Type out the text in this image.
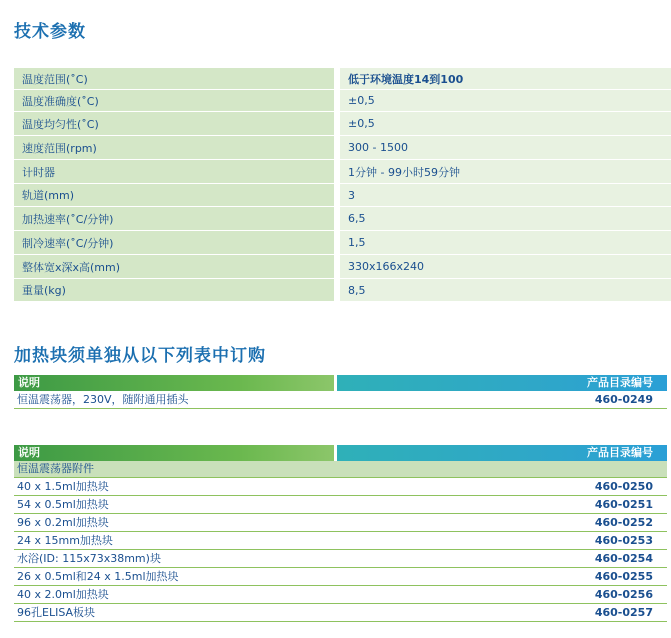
技术参数
温度范围(˚C)	低于环境温度14到100
温度准确度(˚C)	±0,5
温度均匀性(˚C)	±0,5
速度范围(rpm)	300 - 1500
计时器	1分钟 - 99小时59分钟
轨道(mm)	3
加热速率(˚C/分钟)	6,5
制冷速率(˚C/分钟)	1,5
整体宽x深x高(mm)	330x166x240
重量(kg)	8,5
加热块须单独从以下列表中订购
说明	产品目录编号
恒温震荡器，230V，随附通用插头	460-0249
说明	产品目录编号
恒温震荡器附件
40 x 1.5ml加热块	460-0250
54 x 0.5ml加热块	460-0251
96 x 0.2ml加热块	460-0252
24 x 15mm加热块	460-0253
水浴(ID: 115x73x38mm)块	460-0254
26 x 0.5ml和24 x 1.5ml加热块	460-0255
40 x 2.0ml加热块	460-0256
96孔ELISA板块	460-0257
